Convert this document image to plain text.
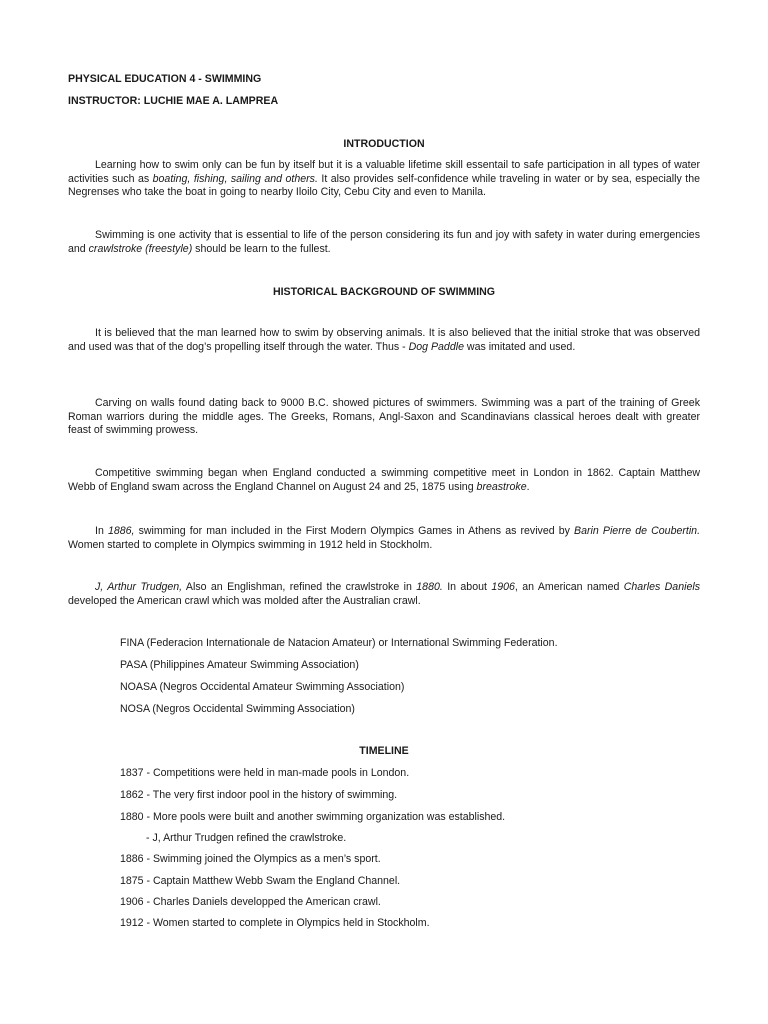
PHYSICAL EDUCATION 4 - SWIMMING
INSTRUCTOR: LUCHIE MAE A. LAMPREA
INTRODUCTION
Learning how to swim only can be fun by itself but it is a valuable lifetime skill essentail to safe participation in all types of water activities such as boating, fishing, sailing and others. It also provides self-confidence while traveling in water or by sea, especially the Negrenses who take the boat in going to nearby Iloilo City, Cebu City and even to Manila.
Swimming is one activity that is essential to life of the person considering its fun and joy with safety in water during emergencies and crawlstroke (freestyle) should be learn to the fullest.
HISTORICAL BACKGROUND OF SWIMMING
It is believed that the man learned how to swim by observing animals. It is also believed that the initial stroke that was observed and used was that of the dog’s propelling itself through the water. Thus - Dog Paddle was imitated and used.
Carving on walls found dating back to 9000 B.C. showed pictures of swimmers. Swimming was a part of the training of Greek Roman warriors during the middle ages. The Greeks, Romans, Angl-Saxon and Scandinavians classical heroes dealt with greater feast of swimming prowess.
Competitive swimming began when England conducted a swimming competitive meet in London in 1862. Captain Matthew Webb of England swam across the England Channel on August 24 and 25, 1875 using breastroke.
In 1886, swimming for man included in the First Modern Olympics Games in Athens as revived by Barin Pierre de Coubertin. Women started to complete in Olympics swimming in 1912 held in Stockholm.
J, Arthur Trudgen, Also an Englishman, refined the crawlstroke in 1880. In about 1906, an American named Charles Daniels developed the American crawl which was molded after the Australian crawl.
FINA (Federacion Internationale de Natacion Amateur) or International Swimming Federation.
PASA (Philippines Amateur Swimming Association)
NOASA (Negros Occidental Amateur Swimming Association)
NOSA (Negros Occidental Swimming Association)
TIMELINE
1837 - Competitions were held in man-made pools in London.
1862 - The very first indoor pool in the history of swimming.
1880 - More pools were built and another swimming organization was established.
- J, Arthur Trudgen refined the crawlstroke.
1886 - Swimming joined the Olympics as a men’s sport.
1875 - Captain Matthew Webb Swam the England Channel.
1906 - Charles Daniels developped the American crawl.
1912 - Women started to complete in Olympics held in Stockholm.
